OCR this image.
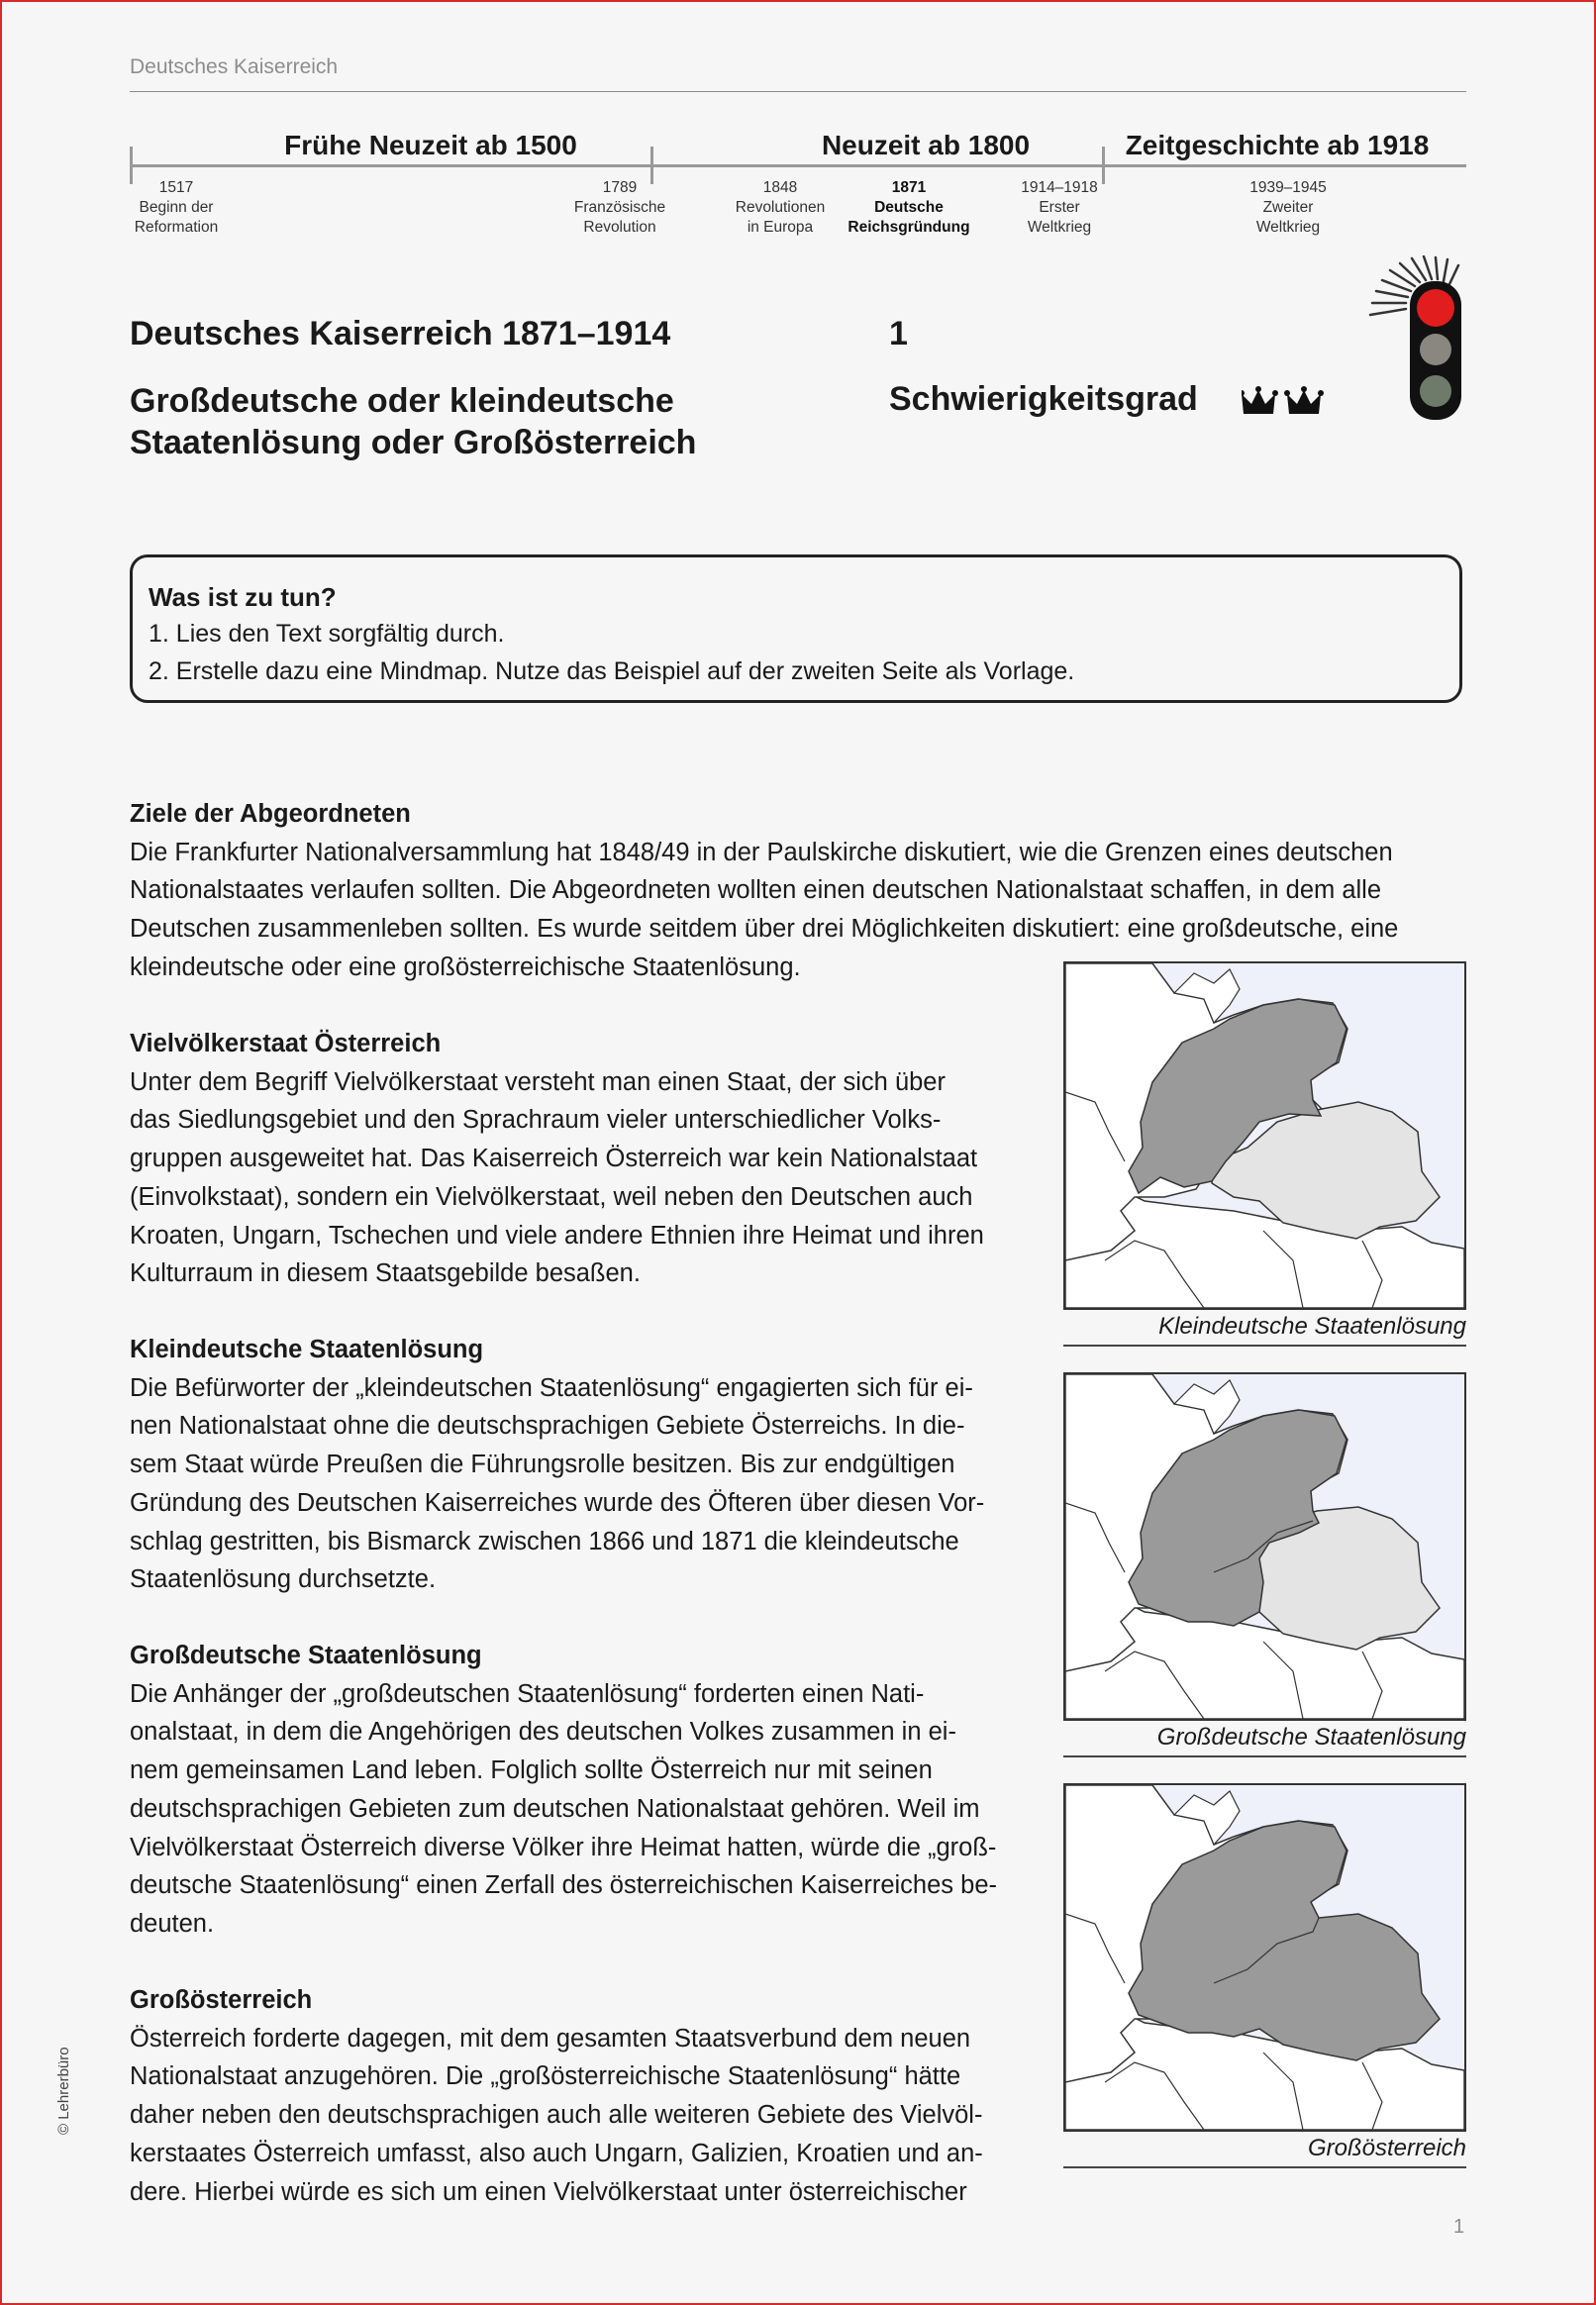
Deutsches Kaiserreich
Frühe Neuzeit ab 1500	Neuzeit ab 1800	Zeitgeschichte ab 1918
1517
Beginn der
Reformation
1789
Französische
Revolution
1848
Revolutionen
in Europa
1871
Deutsche
Reichsgründung
1914–1918
Erster
Weltkrieg
1939–1945
Zweiter
Weltkrieg
Deutsches Kaiserreich 1871–1914	1
Großdeutsche oder kleindeutsche
Staatenlösung oder Großösterreich
Schwierigkeitsgrad
Was ist zu tun?
1. Lies den Text sorgfältig durch.
2. Erstelle dazu eine Mindmap. Nutze das Beispiel auf der zweiten Seite als Vorlage.
Ziele der Abgeordneten

Die Frankfurter Nationalversammlung hat 1848/49 in der Paulskirche diskutiert, wie die Grenzen eines deutschen
Nationalstaates verlaufen sollten. Die Abgeordneten wollten einen deutschen Nationalstaat schaffen, in dem alle
Deutschen zusammenleben sollten. Es wurde seitdem über drei Möglichkeiten diskutiert: eine großdeutsche, eine
kleindeutsche oder eine großösterreichische Staatenlösung.

Vielvölkerstaat Österreich

Unter dem Begriff Vielvölkerstaat versteht man einen Staat, der sich über
das Siedlungsgebiet und den Sprachraum vieler unterschiedlicher Volks-
gruppen ausgeweitet hat. Das Kaiserreich Österreich war kein Nationalstaat
(Einvolkstaat), sondern ein Vielvölkerstaat, weil neben den Deutschen auch
Kroaten, Ungarn, Tschechen und viele andere Ethnien ihre Heimat und ihren
Kulturraum in diesem Staatsgebilde besaßen.

Kleindeutsche Staatenlösung

Die Befürworter der „kleindeutschen Staatenlösung“ engagierten sich für ei-
nen Nationalstaat ohne die deutschsprachigen Gebiete Österreichs. In die-
sem Staat würde Preußen die Führungsrolle besitzen. Bis zur endgültigen
Gründung des Deutschen Kaiserreiches wurde des Öfteren über diesen Vor-
schlag gestritten, bis Bismarck zwischen 1866 und 1871 die kleindeutsche
Staatenlösung durchsetzte.

Großdeutsche Staatenlösung

Die Anhänger der „großdeutschen Staatenlösung“ forderten einen Nati-
onalstaat, in dem die Angehörigen des deutschen Volkes zusammen in ei-
nem gemeinsamen Land leben. Folglich sollte Österreich nur mit seinen
deutschsprachigen Gebieten zum deutschen Nationalstaat gehören. Weil im
Vielvölkerstaat Österreich diverse Völker ihre Heimat hatten, würde die „groß-
deutsche Staatenlösung“ einen Zerfall des österreichischen Kaiserreiches be-
deuten.

Großösterreich

Österreich forderte dagegen, mit dem gesamten Staatsverbund dem neuen
Nationalstaat anzugehören. Die „großösterreichische Staatenlösung“ hätte
daher neben den deutschsprachigen auch alle weiteren Gebiete des Vielvöl-
kerstaates Österreich umfasst, also auch Ungarn, Galizien, Kroatien und an-
dere. Hierbei würde es sich um einen Vielvölkerstaat unter österreichischer

Kleindeutsche Staatenlösung
Großdeutsche Staatenlösung
Großösterreich
© Lehrerbüro
1
